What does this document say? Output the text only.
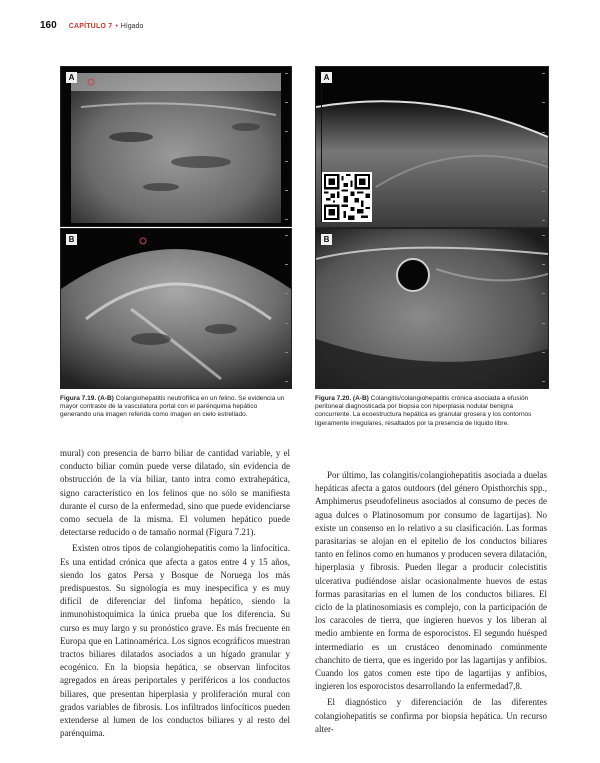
160 CAPÍTULO 7 • Hígado
A
B
A
B
Figura 7.19. (A-B) Colangiohepatitis neutrofílica en un felino. Se evidencia un mayor contraste de la vasculatura portal con el parénquima hepático generando una imagen referida como imagen en cielo estrellado.
Figura 7.20. (A-B) Colangitis/colangiohepatitis crónica asociada a efusión peritoneal diagnosticada por biopsia con hiperplasia nodular benigna concurrente. La ecoestructura hepática es granular grosera y los contornos ligeramente irregulares, resaltados por la presencia de líquido libre.

mural) con presencia de barro biliar de cantidad variable, y el conducto biliar común puede verse dilatado, sin evidencia de obstrucción de la vía biliar, tanto intra como extrahepática, signo característico en los felinos que no sólo se manifiesta durante el curso de la enfermedad, sino que puede evidenciarse como secuela de la misma. El volumen hepático puede detectarse reducido o de tamaño normal (Figura 7.21).

Existen otros tipos de colangiohepatitis como la linfocítica. Es una entidad crónica que afecta a gatos entre 4 y 15 años, siendo los gatos Persa y Bosque de Noruega los más predispuestos. Su signología es muy inespecífica y es muy difícil de diferenciar del linfoma hepático, siendo la inmunohistoquímica la única prueba que los diferencia. Su curso es muy largo y su pronóstico grave. Es más frecuente en Europa que en Latinoamérica. Los signos ecográficos muestran tractos biliares dilatados asociados a un hígado granular y ecogénico. En la biopsia hepática, se observan linfocitos agregados en áreas periportales y periféricos a los conductos biliares, que presentan hiperplasia y proliferación mural con grados variables de fibrosis. Los infiltrados linfocíticos pueden extenderse al lumen de los conductos biliares y al resto del parénquima.

Por último, las colangitis/colangiohepatitis asociada a duelas hepáticas afecta a gatos outdoors (del género Opisthorchis spp., Amphimerus pseudofelineus asociados al consumo de peces de agua dulces o Platinosomum por consumo de lagartijas). No existe un consenso en lo relativo a su clasificación. Las formas parasitarias se alojan en el epitelio de los conductos biliares tanto en felinos como en humanos y producen severa dilatación, hiperplasia y fibrosis. Pueden llegar a producir colecistitis ulcerativa pudiéndose aislar ocasionalmente huevos de estas formas parasitarias en el lumen de los conductos biliares. El ciclo de la platinosomiasis es complejo, con la participación de los caracoles de tierra, que ingieren huevos y los liberan al medio ambiente en forma de esporocistos. El segundo huésped intermediario es un crustáceo denominado comúnmente chanchito de tierra, que es ingerido por las lagartijas y anfibios. Cuando los gatos comen este tipo de lagartijas y anfibios, ingieren los esporocistos desarrollando la enfermedad7,8.

El diagnóstico y diferenciación de las diferentes colangiohepatitis se confirma por biopsia hepática. Un recurso alter-
